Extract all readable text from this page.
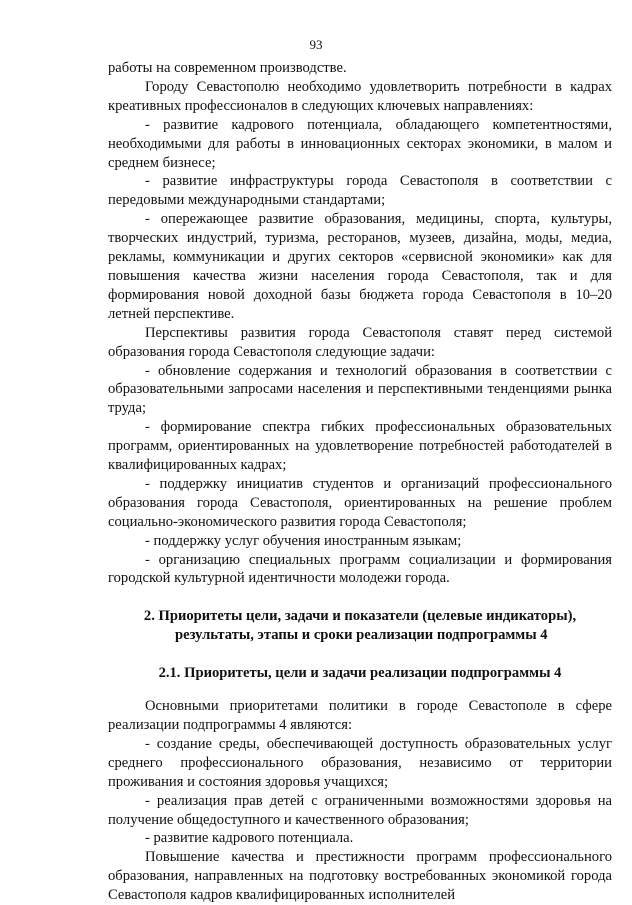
93

работы на современном производстве.

Городу Севастополю необходимо удовлетворить потребности в кадрах креативных профессионалов в следующих ключевых направлениях:

- развитие кадрового потенциала, обладающего компетентностями, необходимыми для работы в инновационных секторах экономики, в малом и среднем бизнесе;

- развитие инфраструктуры города Севастополя в соответствии с передовыми международными стандартами;

- опережающее развитие образования, медицины, спорта, культуры, творческих индустрий, туризма, ресторанов, музеев, дизайна, моды, медиа, рекламы, коммуникации и других секторов «сервисной экономики» как для повышения качества жизни населения города Севастополя, так и для формирования новой доходной базы бюджета города Севастополя в 10–20 летней перспективе.

Перспективы развития города Севастополя ставят перед системой образования города Севастополя следующие задачи:

- обновление содержания и технологий образования в соответствии с образовательными запросами населения и перспективными тенденциями рынка труда;

- формирование спектра гибких профессиональных образовательных программ, ориентированных на удовлетворение потребностей работодателей в квалифицированных кадрах;

- поддержку инициатив студентов и организаций профессионального образования города Севастополя, ориентированных на решение проблем социально-экономического развития города Севастополя;

- поддержку услуг обучения иностранным языкам;

- организацию специальных программ социализации и формирования городской культурной идентичности молодежи города.

2. Приоритеты цели, задачи и показатели (целевые индикаторы),
результаты, этапы и сроки реализации подпрограммы 4
2.1. Приоритеты, цели и задачи реализации подпрограммы 4

Основными приоритетами политики в городе Севастополе в сфере реализации подпрограммы 4 являются:

- создание среды, обеспечивающей доступность образовательных услуг среднего профессионального образования, независимо от территории проживания и состояния здоровья учащихся;

- реализация прав детей с ограниченными возможностями здоровья на получение общедоступного и качественного образования;

- развитие кадрового потенциала.

Повышение качества и престижности программ профессионального образования, направленных на подготовку востребованных экономикой города Севастополя кадров квалифицированных исполнителей
